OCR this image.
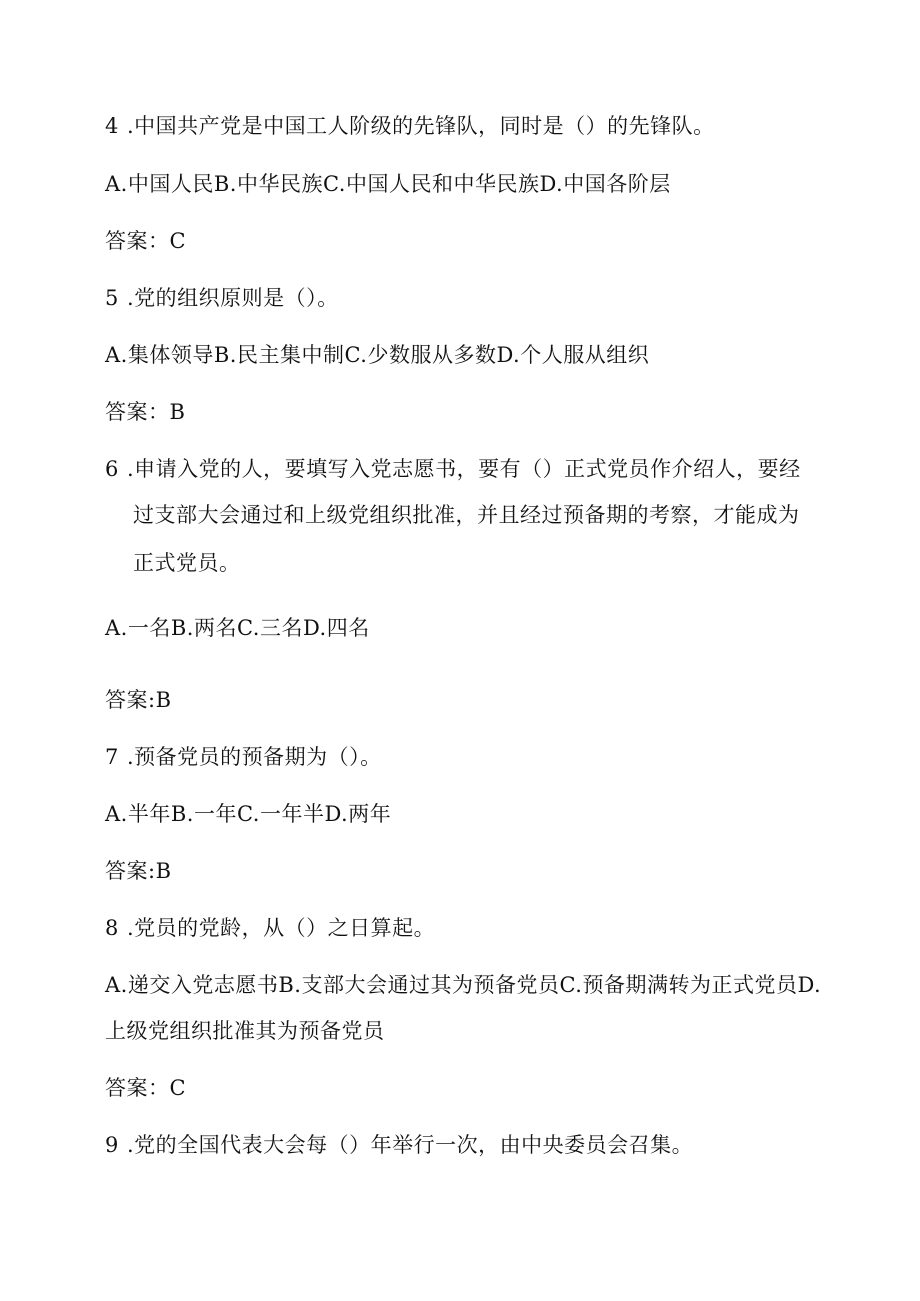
4 .中国共产党是中国工人阶级的先锋队，同时是（）的先锋队。
A.中国人民B.中华民族C.中国人民和中华民族D.中国各阶层
答案：C
5 .党的组织原则是（）。
A.集体领导B.民主集中制C.少数服从多数D.个人服从组织
答案：B
6 .申请入党的人，要填写入党志愿书，要有（）正式党员作介绍人，要经
过支部大会通过和上级党组织批准，并且经过预备期的考察，才能成为
正式党员。
A.一名B.两名C.三名D.四名
答案:B
7 .预备党员的预备期为（）。
A.半年B.一年C.一年半D.两年
答案:B
8 .党员的党龄，从（）之日算起。
A.递交入党志愿书B.支部大会通过其为预备党员C.预备期满转为正式党员D.
上级党组织批准其为预备党员
答案：C
9 .党的全国代表大会每（）年举行一次，由中央委员会召集。
